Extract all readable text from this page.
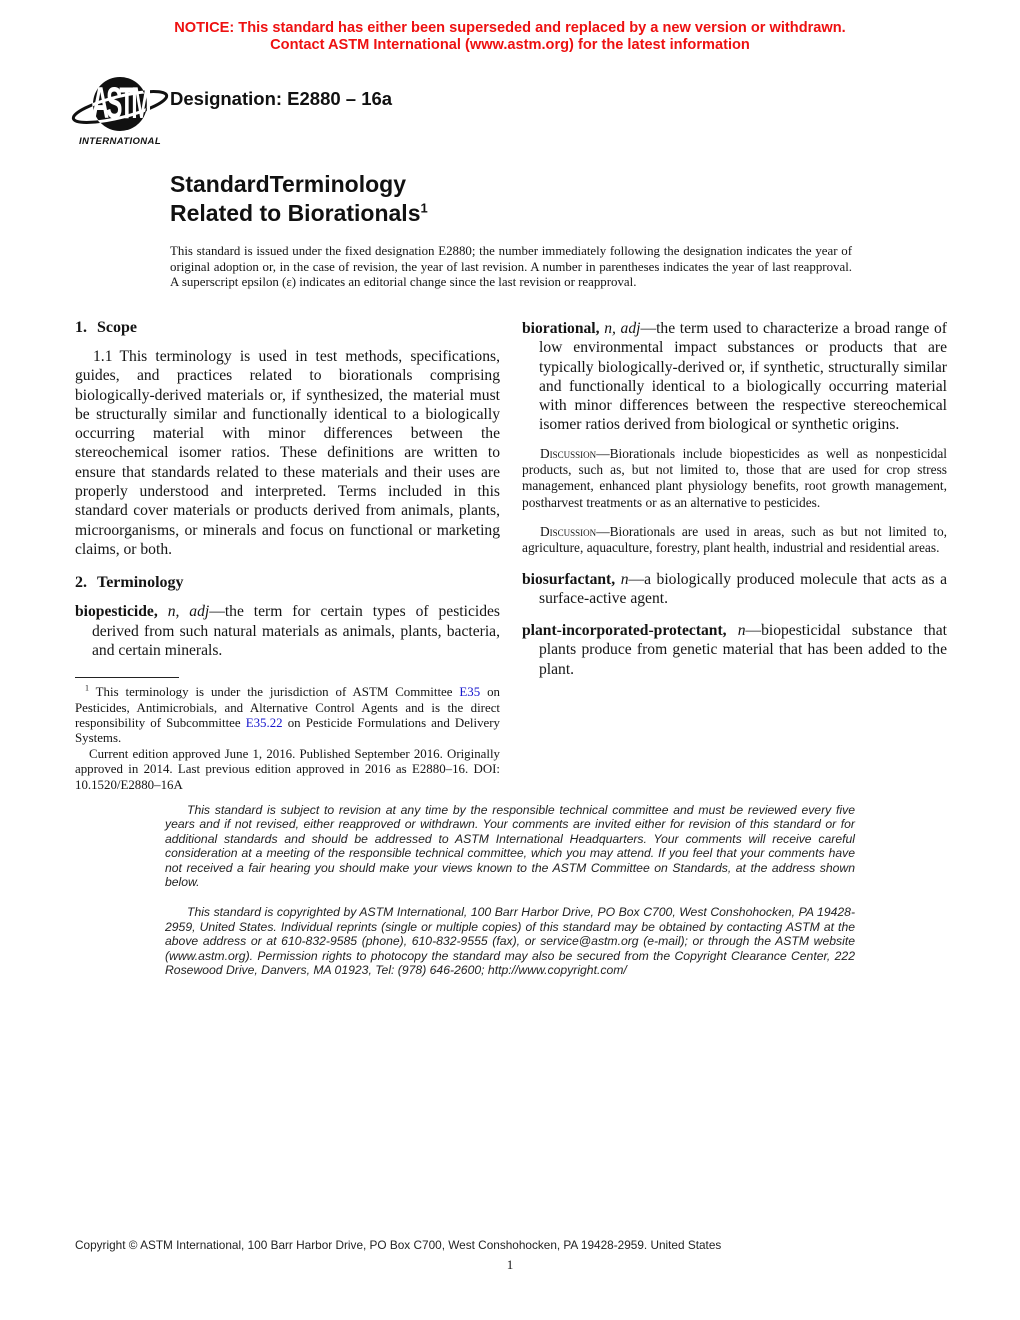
NOTICE: This standard has either been superseded and replaced by a new version or withdrawn.
Contact ASTM International (www.astm.org) for the latest information
ASTM
INTERNATIONAL
Designation: E2880 – 16a
StandardTerminology
Related to Biorationals$^1$

This standard is issued under the fixed designation E2880; the number immediately following the designation indicates the year of original adoption or, in the case of revision, the year of last revision. A number in parentheses indicates the year of last reapproval. A superscript epsilon (ε) indicates an editorial change since the last revision or reapproval.

1. Scope

1.1 This terminology is used in test methods, specifications, guides, and practices related to biorationals comprising biologically-derived materials or, if synthesized, the material must be structurally similar and functionally identical to a biologically occurring material with minor differences between the stereochemical isomer ratios. These definitions are written to ensure that standards related to these materials and their uses are properly understood and interpreted. Terms included in this standard cover materials or products derived from animals, plants, microorganisms, or minerals and focus on functional or marketing claims, or both.

2. Terminology

biopesticide, n, adj—the term for certain types of pesticides derived from such natural materials as animals, plants, bacteria, and certain minerals.

$^1$ This terminology is under the jurisdiction of ASTM Committee E35 on Pesticides, Antimicrobials, and Alternative Control Agents and is the direct responsibility of Subcommittee E35.22 on Pesticide Formulations and Delivery Systems.

Current edition approved June 1, 2016. Published September 2016. Originally approved in 2014. Last previous edition approved in 2016 as E2880–16. DOI: 10.1520/E2880–16A

biorational, n, adj—the term used to characterize a broad range of low environmental impact substances or products that are typically biologically-derived or, if synthetic, structurally similar and functionally identical to a biologically occurring material with minor differences between the respective stereochemical isomer ratios derived from biological or synthetic origins.

Discussion—Biorationals include biopesticides as well as nonpesticidal products, such as, but not limited to, those that are used for crop stress management, enhanced plant physiology benefits, root growth management, postharvest treatments or as an alternative to pesticides.

Discussion—Biorationals are used in areas, such as but not limited to, agriculture, aquaculture, forestry, plant health, industrial and residential areas.

biosurfactant, n—a biologically produced molecule that acts as a surface-active agent.

plant-incorporated-protectant, n—biopesticidal substance that plants produce from genetic material that has been added to the plant.

This standard is subject to revision at any time by the responsible technical committee and must be reviewed every five years and if not revised, either reapproved or withdrawn. Your comments are invited either for revision of this standard or for additional standards and should be addressed to ASTM International Headquarters. Your comments will receive careful consideration at a meeting of the responsible technical committee, which you may attend. If you feel that your comments have not received a fair hearing you should make your views known to the ASTM Committee on Standards, at the address shown below.

This standard is copyrighted by ASTM International, 100 Barr Harbor Drive, PO Box C700, West Conshohocken, PA 19428-2959, United States. Individual reprints (single or multiple copies) of this standard may be obtained by contacting ASTM at the above address or at 610-832-9585 (phone), 610-832-9555 (fax), or service@astm.org (e-mail); or through the ASTM website (www.astm.org). Permission rights to photocopy the standard may also be secured from the Copyright Clearance Center, 222 Rosewood Drive, Danvers, MA 01923, Tel: (978) 646-2600; http://www.copyright.com/

Copyright © ASTM International, 100 Barr Harbor Drive, PO Box C700, West Conshohocken, PA 19428-2959. United States
1
